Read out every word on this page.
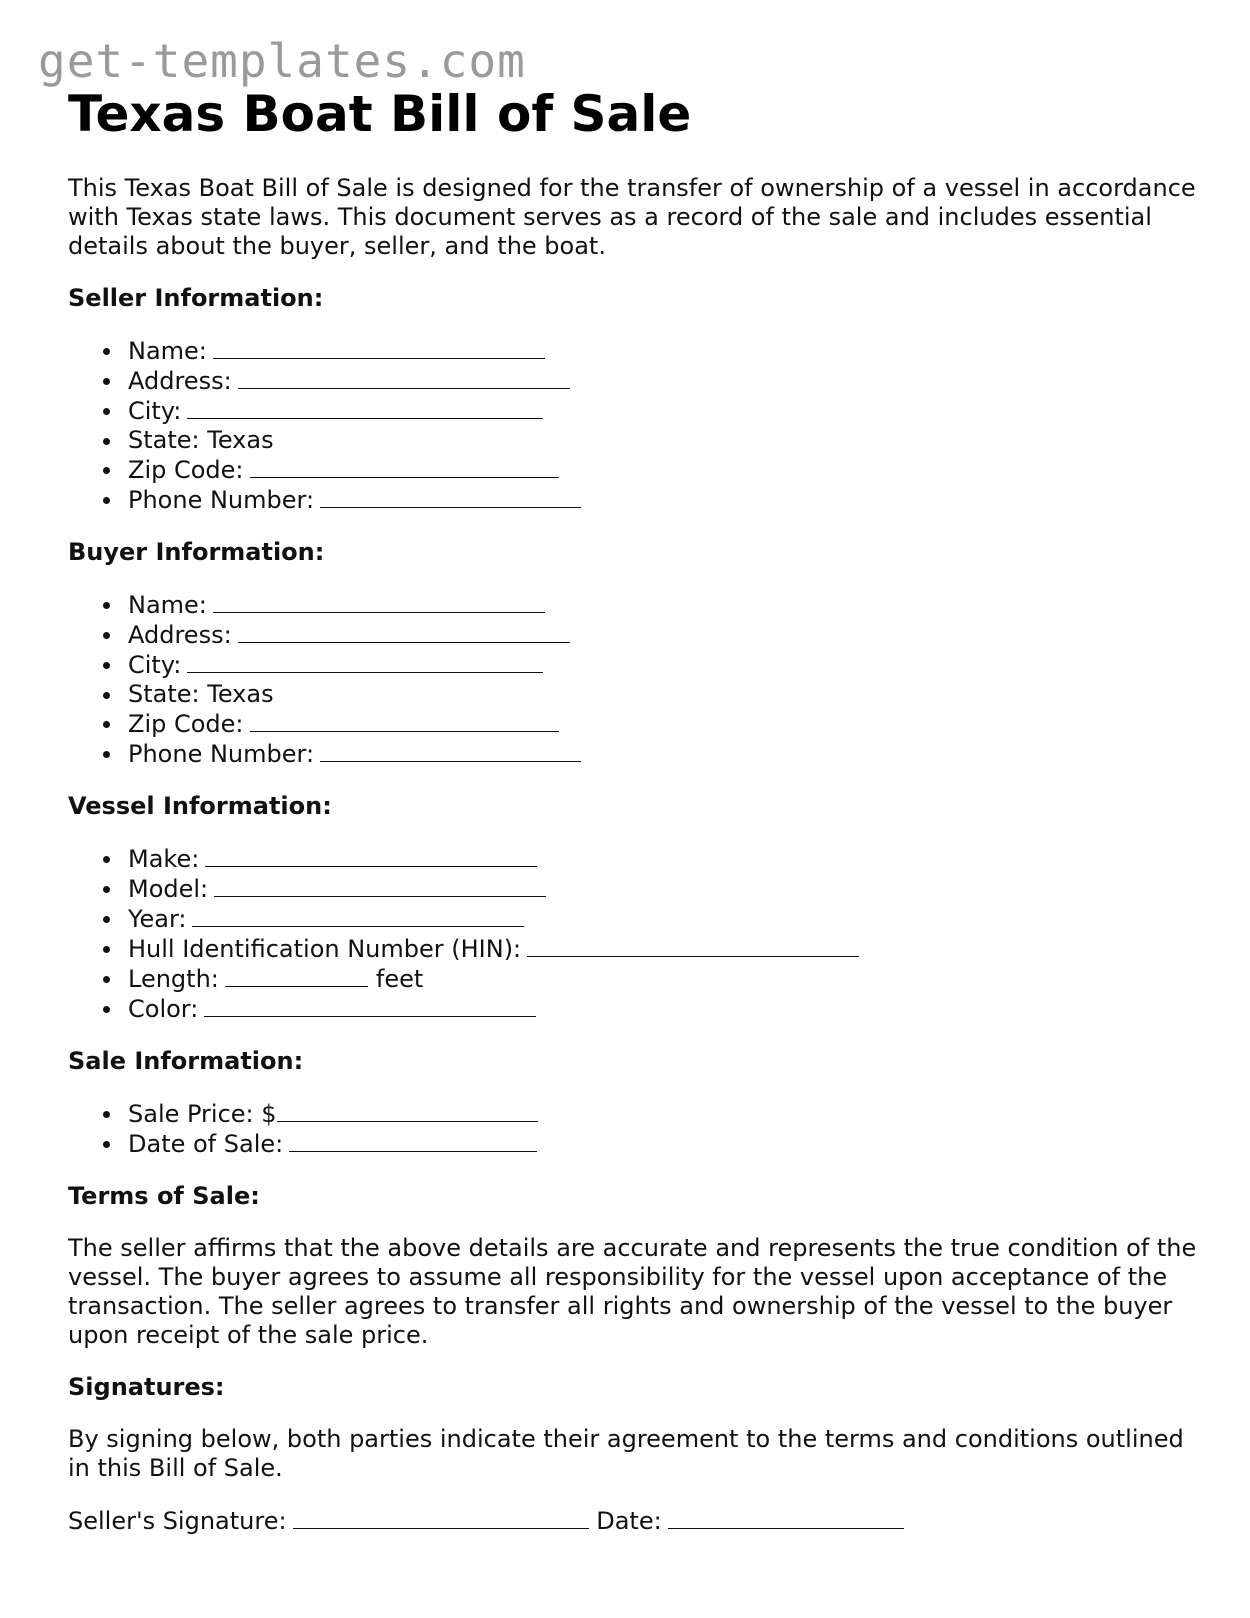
get-templates.com
Texas Boat Bill of Sale

This Texas Boat Bill of Sale is designed for the transfer of ownership of a vessel in accordance with Texas state laws. This document serves as a record of the sale and includes essential details about the buyer, seller, and the boat.

Seller Information:
Name:
Address:
City:
State: Texas
Zip Code:
Phone Number:
Buyer Information:
Name:
Address:
City:
State: Texas
Zip Code:
Phone Number:
Vessel Information:
Make:
Model:
Year:
Hull Identification Number (HIN):
Length:	feet
Color:
Sale Information:
Sale Price: $
Date of Sale:
Terms of Sale:

The seller affirms that the above details are accurate and represents the true condition of the vessel. The buyer agrees to assume all responsibility for the vessel upon acceptance of the transaction. The seller agrees to transfer all rights and ownership of the vessel to the buyer upon receipt of the sale price.

Signatures:

By signing below, both parties indicate their agreement to the terms and conditions outlined in this Bill of Sale.

Seller's Signature:	Date:
